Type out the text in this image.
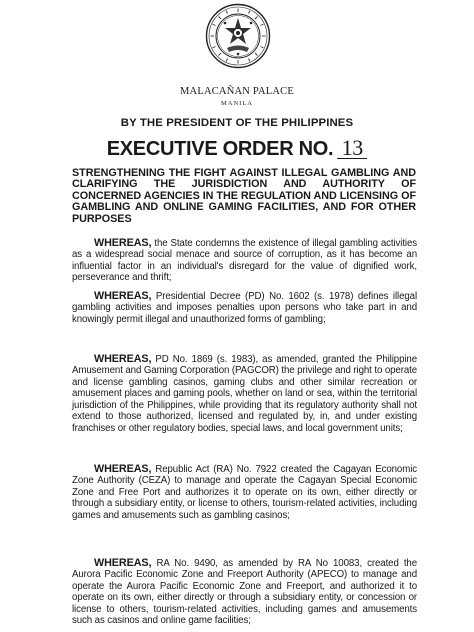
MALACAÑAN PALACE
MANILA
BY THE PRESIDENT OF THE PHILIPPINES
EXECUTIVE ORDER NO. 13
STRENGTHENING THE FIGHT AGAINST ILLEGAL GAMBLING AND CLARIFYING THE JURISDICTION AND AUTHORITY OF CONCERNED AGENCIES IN THE REGULATION AND LICENSING OF GAMBLING AND ONLINE GAMING FACILITIES, AND FOR OTHER PURPOSES

WHEREAS, the State condemns the existence of illegal gambling activities as a widespread social menace and source of corruption, as it has become an influential factor in an individual's disregard for the value of dignified work, perseverance and thrift;

WHEREAS, Presidential Decree (PD) No. 1602 (s. 1978) defines illegal gambling activities and imposes penalties upon persons who take part in and knowingly permit illegal and unauthorized forms of gambling;

WHEREAS, PD No. 1869 (s. 1983), as amended, granted the Philippine Amusement and Gaming Corporation (PAGCOR) the privilege and right to operate and license gambling casinos, gaming clubs and other similar recreation or amusement places and gaming pools, whether on land or sea, within the territorial jurisdiction of the Philippines, while providing that its regulatory authority shall not extend to those authorized, licensed and regulated by, in, and under existing franchises or other regulatory bodies, special laws, and local government units;

WHEREAS, Republic Act (RA) No. 7922 created the Cagayan Economic Zone Authority (CEZA) to manage and operate the Cagayan Special Economic Zone and Free Port and authorizes it to operate on its own, either directly or through a subsidiary entity, or license to others, tourism-related activities, including games and amusements such as gambling casinos;

WHEREAS, RA No. 9490, as amended by RA No 10083, created the Aurora Pacific Economic Zone and Freeport Authority (APECO) to manage and operate the Aurora Pacific Economic Zone and Freeport, and authorized it to operate on its own, either directly or through a subsidiary entity, or concession or license to others, tourism-related activities, including games and amusements such as casinos and online game facilities;
